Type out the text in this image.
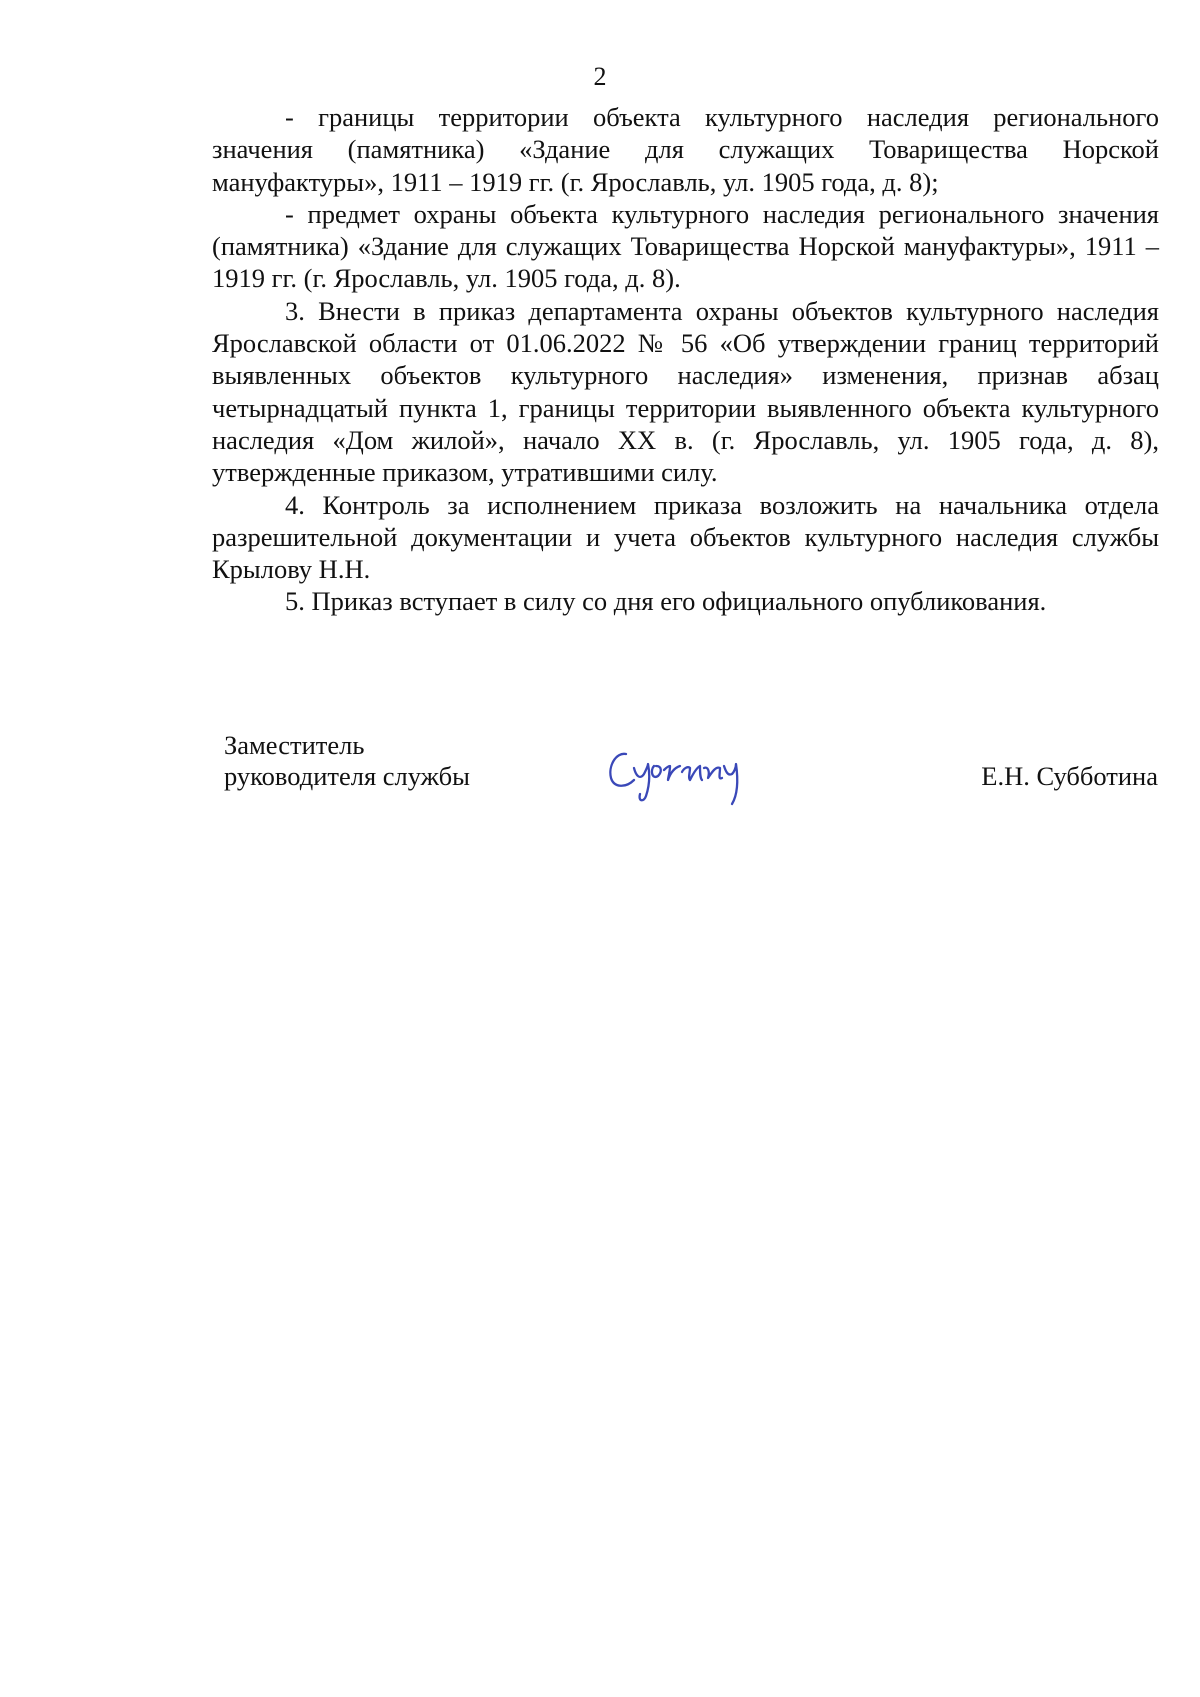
2

- границы территории объекта культурного наследия регионального значения (памятника) «Здание для служащих Товарищества Норской мануфактуры», 1911 – 1919 гг. (г. Ярославль, ул. 1905 года, д. 8);

- предмет охраны объекта культурного наследия регионального значения (памятника) «Здание для служащих Товарищества Норской мануфактуры», 1911 – 1919 гг. (г. Ярославль, ул. 1905 года, д. 8).

3. Внести в приказ департамента охраны объектов культурного наследия Ярославской области от 01.06.2022 № 56 «Об утверждении границ территорий выявленных объектов культурного наследия» изменения, признав абзац четырнадцатый пункта 1, границы территории выявленного объекта культурного наследия «Дом жилой», начало XX в. (г. Ярославль, ул. 1905 года, д. 8), утвержденные приказом, утратившими силу.

4. Контроль за исполнением приказа возложить на начальника отдела разрешительной документации и учета объектов культурного наследия службы Крылову Н.Н.

5. Приказ вступает в силу со дня его официального опубликования.

Заместитель
руководителя службы	Е.Н. Субботина
